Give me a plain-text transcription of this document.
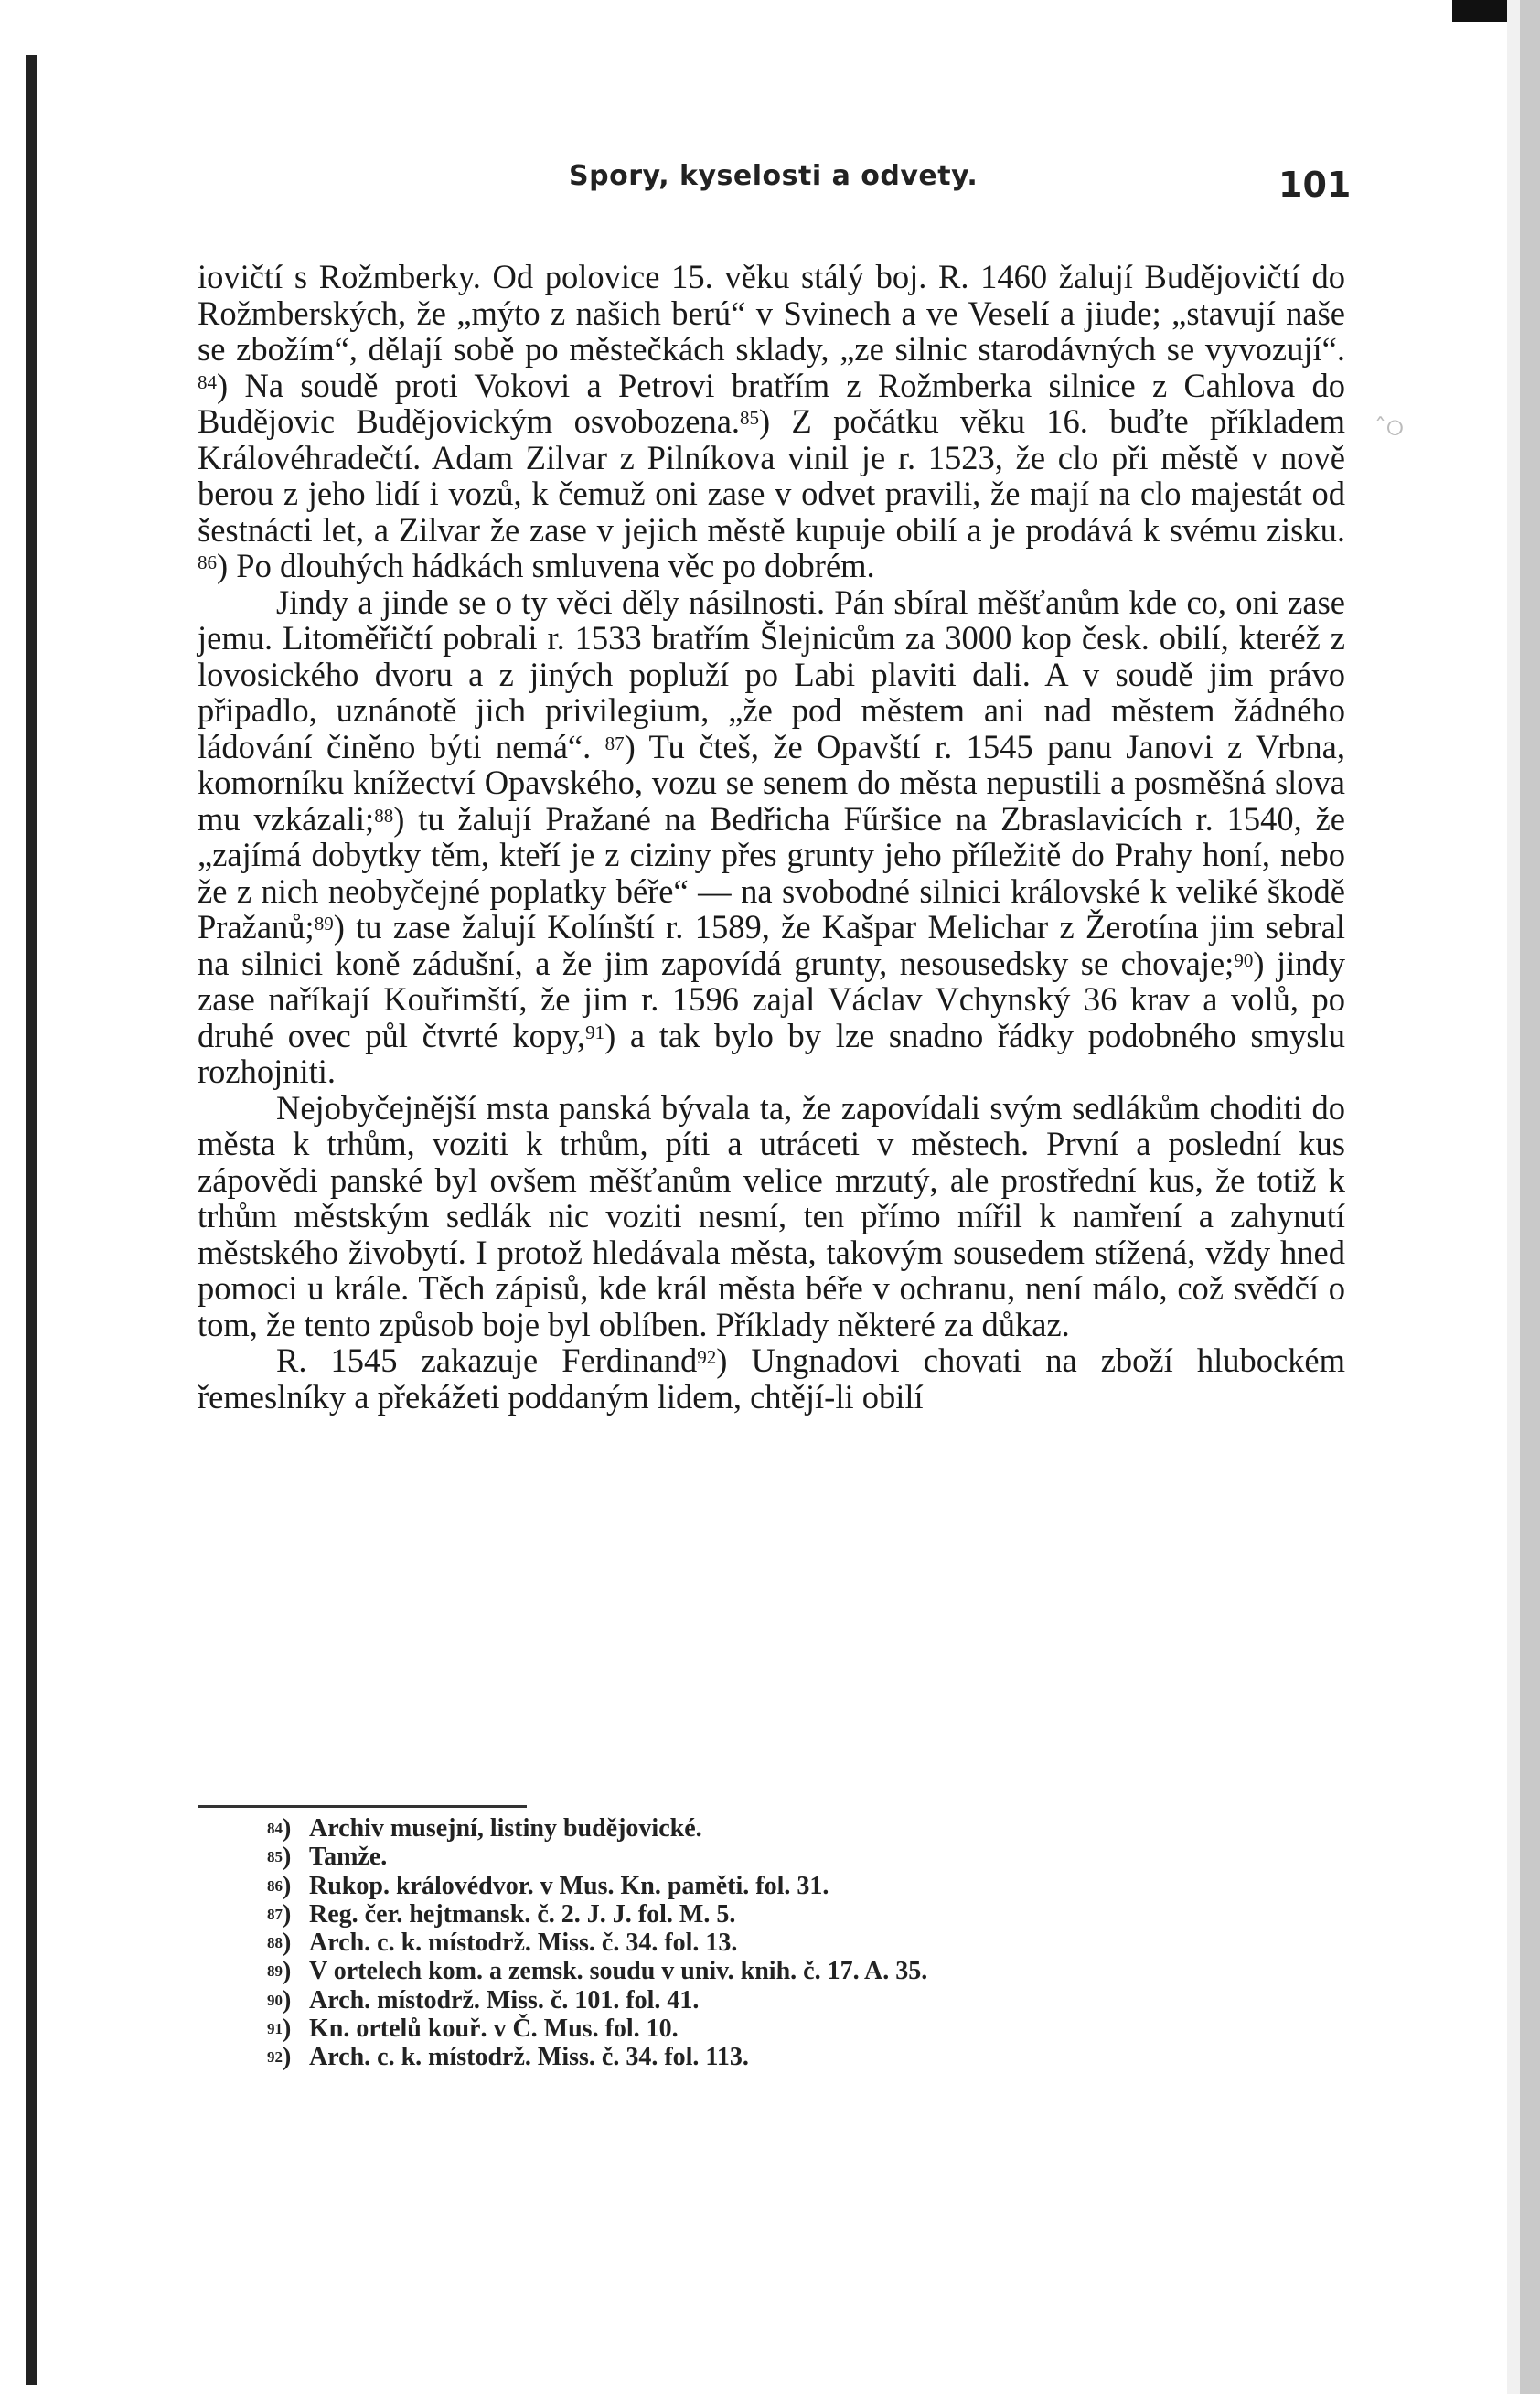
ˆ୦
Spory, kyselosti a odvety.	101

iovičtí s Rožmberky. Od polovice 15. věku stálý boj. R. 1460 žalují Budějovičtí do Rožmberských, že „mýto z našich berú“ v Svinech a ve Veselí a jiude; „stavují naše se zbožím“, dělají sobě po městečkách sklady, „ze silnic starodávných se vyvozují“. $^{84}$) Na soudě proti Vokovi a Petrovi bratřím z Rožmberka silnice z Cahlova do Budějovic Budějovickým osvobozena.$^{85}$) Z počátku věku 16. buďte příkladem Královéhradečtí. Adam Zilvar z Pilníkova vinil je r. 1523, že clo při městě v nově berou z jeho lidí i vozů, k čemuž oni zase v odvet pravili, že mají na clo majestát od šestnácti let, a Zilvar že zase v jejich městě kupuje obilí a je prodává k svému zisku. $^{86}$) Po dlouhých hádkách smluvena věc po dobrém.

Jindy a jinde se o ty věci děly násilnosti. Pán sbíral měšťanům kde co, oni zase jemu. Litoměřičtí pobrali r. 1533 bratřím Šlejnicům za 3000 kop česk. obilí, kteréž z lovosického dvoru a z jiných popluží po Labi plaviti dali. A v soudě jim právo připadlo, uznánotě jich privilegium, „že pod městem ani nad městem žádného ládování činěno býti nemá“. $^{87}$) Tu čteš, že Opavští r. 1545 panu Janovi z Vrbna, komorníku knížectví Opavského, vozu se senem do města nepustili a posměšná slova mu vzkázali;$^{88}$) tu žalují Pražané na Bedřicha Fűršice na Zbraslavicích r. 1540, že „zajímá dobytky těm, kteří je z ciziny přes grunty jeho příležitě do Prahy honí, nebo že z nich neobyčejné poplatky béře“ — na svobodné silnici královské k veliké škodě Pražanů;$^{89}$) tu zase žalují Kolínští r. 1589, že Kašpar Melichar z Žerotína jim sebral na silnici koně zádušní, a že jim zapovídá grunty, nesousedsky se chovaje;$^{90}$) jindy zase naříkají Kouřimští, že jim r. 1596 zajal Václav Vchynský 36 krav a volů, po druhé ovec půl čtvrté kopy,$^{91}$) a tak bylo by lze snadno řádky podobného smyslu rozhojniti.

Nejobyčejnější msta panská bývala ta, že zapovídali svým sedlákům choditi do města k trhům, voziti k trhům, píti a utráceti v městech. První a poslední kus zápovědi panské byl ovšem měšťanům velice mrzutý, ale prostřední kus, že totiž k trhům městským sedlák nic voziti nesmí, ten přímo mířil k namření a zahynutí městského živobytí. I protož hledávala města, takovým sousedem stížená, vždy hned pomoci u krále. Těch zápisů, kde král města béře v ochranu, není málo, což svědčí o tom, že tento způsob boje byl oblíben. Příklady některé za důkaz.

R. 1545 zakazuje Ferdinand$^{92}$) Ungnadovi chovati na zboží hlubockém řemeslníky a překážeti poddaným lidem, chtějí-li obilí

$^{84}$) Archiv musejní, listiny budějovické.
$^{85}$) Tamže.
$^{86}$) Rukop. královédvor. v Mus. Kn. paměti. fol. 31.
$^{87}$) Reg. čer. hejtmansk. č. 2. J. J. fol. M. 5.
$^{88}$) Arch. c. k. místodrž. Miss. č. 34. fol. 13.
$^{89}$) V ortelech kom. a zemsk. soudu v univ. knih. č. 17. A. 35.
$^{90}$) Arch. místodrž. Miss. č. 101. fol. 41.
$^{91}$) Kn. ortelů kouř. v Č. Mus. fol. 10.
$^{92}$) Arch. c. k. místodrž. Miss. č. 34. fol. 113.
